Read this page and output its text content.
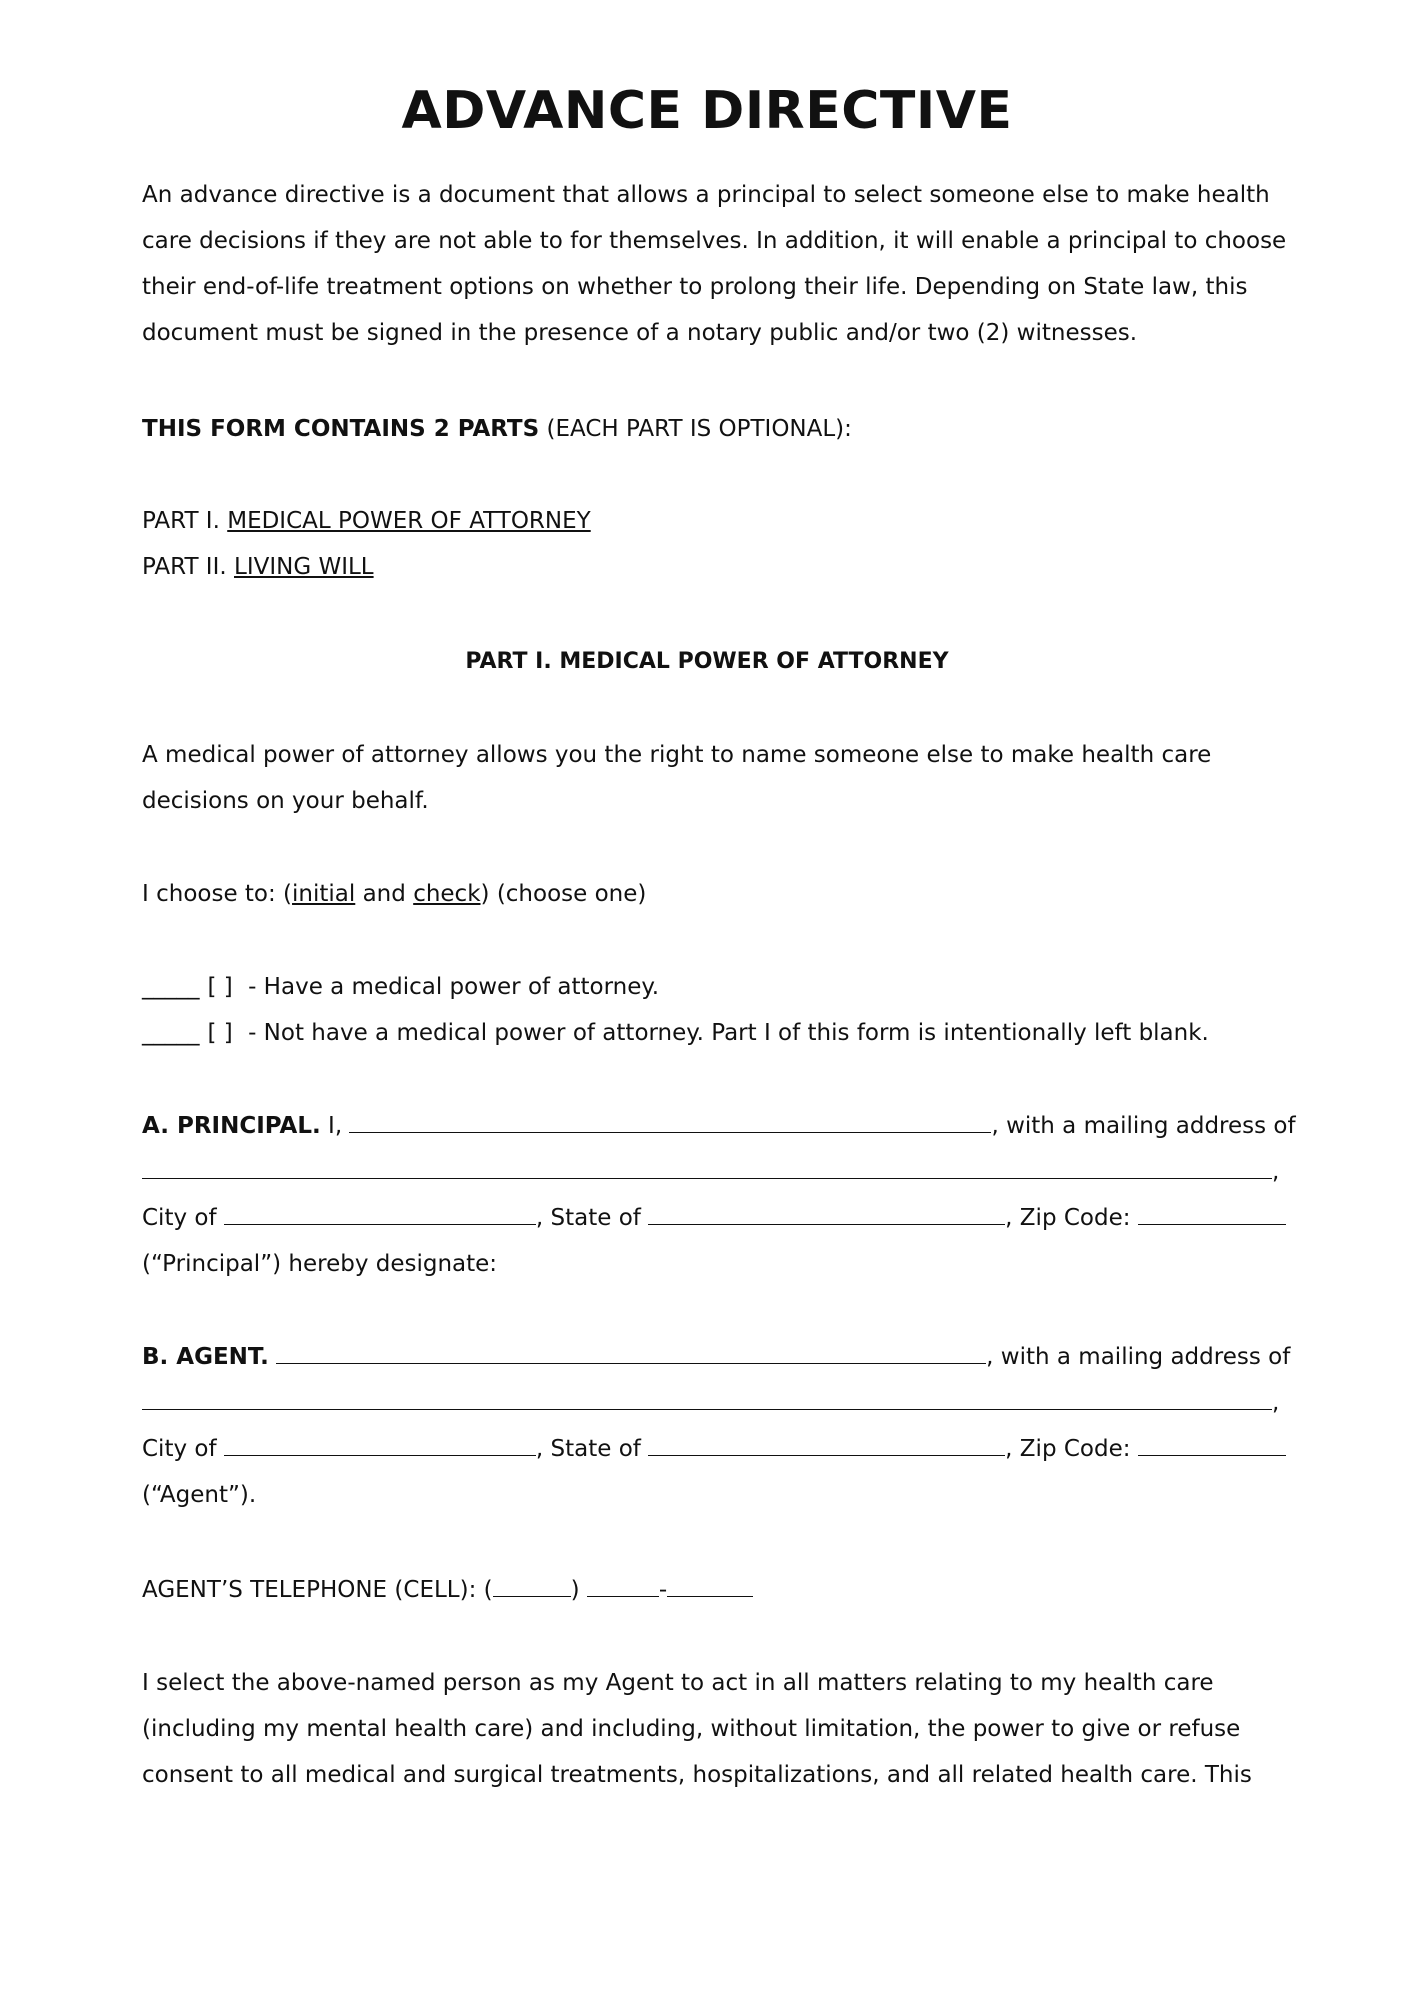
ADVANCE DIRECTIVE
An advance directive is a document that allows a principal to select someone else to make health
care decisions if they are not able to for themselves. In addition, it will enable a principal to choose
their end-of-life treatment options on whether to prolong their life. Depending on State law, this
document must be signed in the presence of a notary public and/or two (2) witnesses.
THIS FORM CONTAINS 2 PARTS (EACH PART IS OPTIONAL):
PART I. MEDICAL POWER OF ATTORNEY
PART II. LIVING WILL
PART I. MEDICAL POWER OF ATTORNEY
A medical power of attorney allows you the right to name someone else to make health care
decisions on your behalf.
I choose to: (initial and check) (choose one)
_____ [ ] - Have a medical power of attorney.
_____ [ ] - Not have a medical power of attorney. Part I of this form is intentionally left blank.
A. PRINCIPAL. I,	, with a mailing address of
,
City of	, State of	, Zip Code:
(“Principal”) hereby designate:
B. AGENT.	, with a mailing address of
,
City of	, State of	, Zip Code:
(“Agent”).
AGENT’S TELEPHONE (CELL): (	)	-
I select the above-named person as my Agent to act in all matters relating to my health care
(including my mental health care) and including, without limitation, the power to give or refuse
consent to all medical and surgical treatments, hospitalizations, and all related health care. This
